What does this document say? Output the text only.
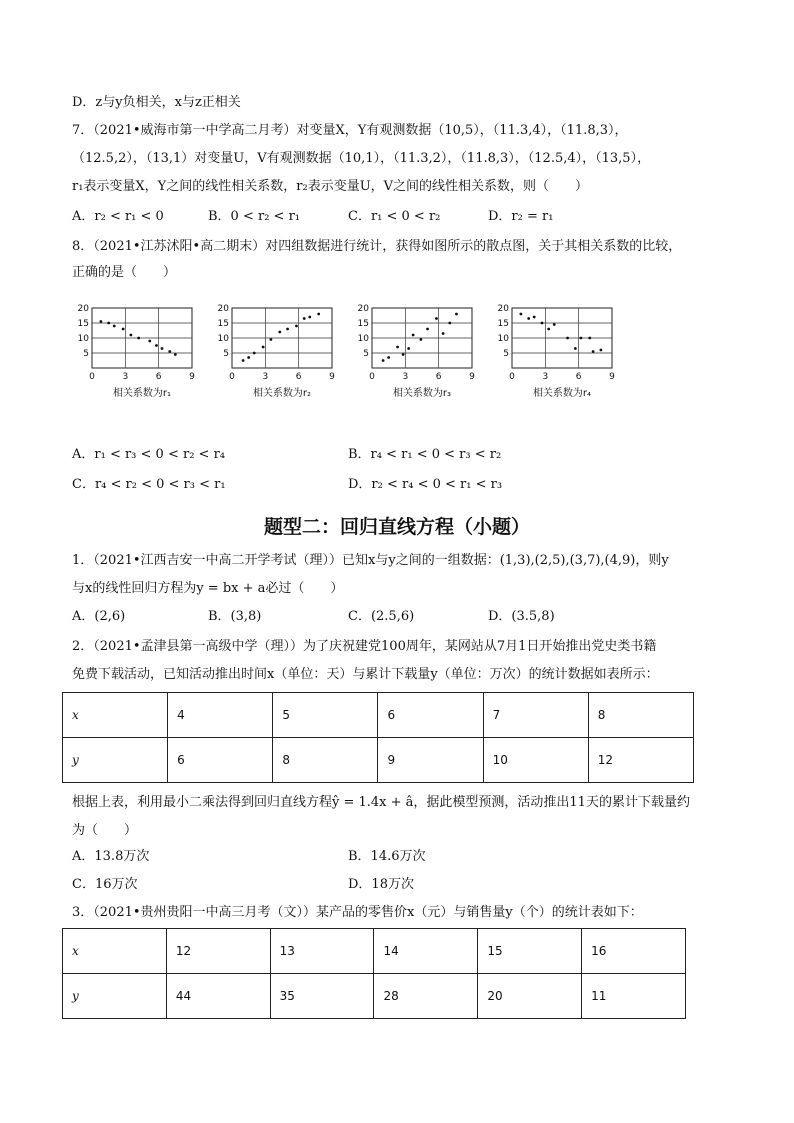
D．z与y负相关，x与z正相关
7．（2021•威海市第一中学高二月考）对变量X，Y有观测数据（10,5），（11.3,4），（11.8,3），
（12.5,2），（13,1）对变量U，V有观测数据（10,1），（11.3,2），（11.8,3），（12.5,4），（13,5），
r₁表示变量X，Y之间的线性相关系数，r₂表示变量U，V之间的线性相关系数，则（　　）
A．r₂ < r₁ < 0	B．0 < r₂ < r₁	C．r₁ < 0 < r₂	D．r₂ = r₁
8．（2021•江苏沭阳•高二期末）对四组数据进行统计，获得如图所示的散点图，关于其相关系数的比较，
正确的是（　　）
0	3	6	9
5
10
15
20
相关系数为r₁
0	3	6	9
5
10
15
20
相关系数为r₂
0	3	6	9
5
10
15
20
相关系数为r₃
0	3	6	9
5
10
15
20
相关系数为r₄
A．r₁ < r₃ < 0 < r₂ < r₄	B．r₄ < r₁ < 0 < r₃ < r₂
C．r₄ < r₂ < 0 < r₃ < r₁	D．r₂ < r₄ < 0 < r₁ < r₃
题型二：回归直线方程（小题）
1．（2021•江西吉安一中高二开学考试（理））已知x与y之间的一组数据：(1,3),(2,5),(3,7),(4,9)，则y
与x的线性回归方程为y = bx + a必过（　　）
A．(2,6)	B．(3,8)	C．(2.5,6)	D．(3.5,8)
2．（2021•孟津县第一高级中学（理））为了庆祝建党100周年，某网站从7月1日开始推出党史类书籍
免费下载活动，已知活动推出时间x（单位：天）与累计下载量y（单位：万次）的统计数据如表所示：
x	4	5	6	7	8
y	6	8	9	10	12
根据上表，利用最小二乘法得到回归直线方程ŷ = 1.4x + â，据此模型预测，活动推出11天的累计下载量约
为（　　）
A．13.8万次	B．14.6万次
C．16万次	D．18万次
3．（2021•贵州贵阳一中高三月考（文））某产品的零售价x（元）与销售量y（个）的统计表如下：
x	12	13	14	15	16
y	44	35	28	20	11
